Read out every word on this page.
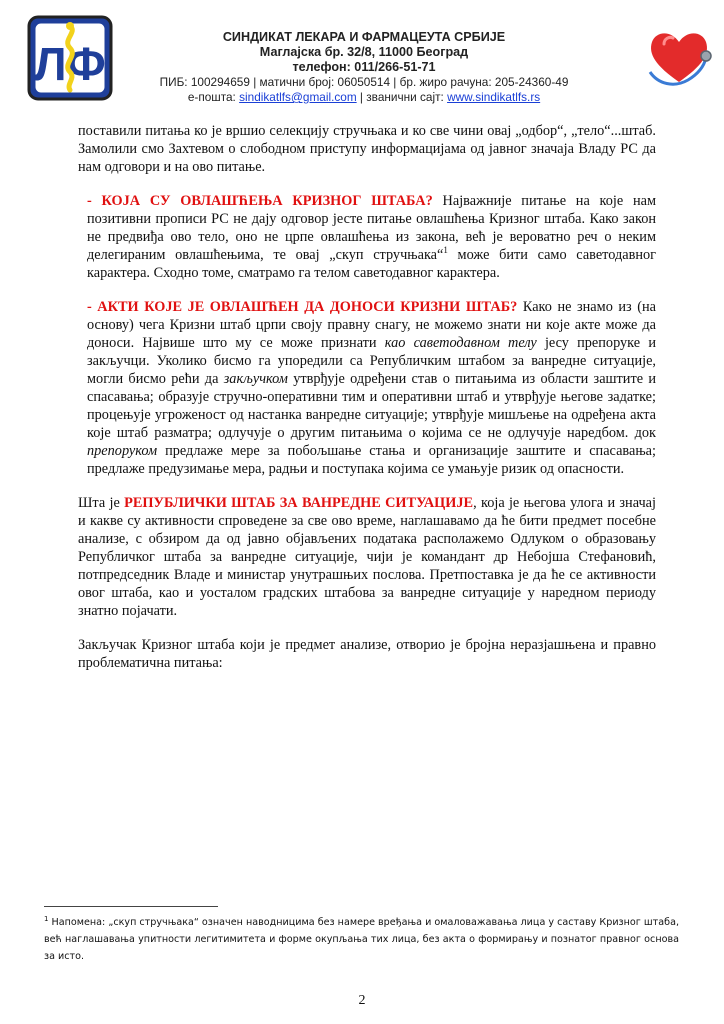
ЛФ
СИНДИКАТ ЛЕКАРА И ФАРМАЦЕУТА СРБИЈЕ
Маглајска бр. 32/8, 11000 Београд
телефон: 011/266-51-71
ПИБ: 100294659 | матични број: 06050514 | бр. жиро рачуна: 205-24360-49
е-пошта: sindikatlfs@gmail.com | званични сајт: www.sindikatlfs.rs

поставили питања ко је вршио селекцију стручњака и ко све чини овај „одбор“, „тело“...штаб. Замолили смо Захтевом о слободном приступу информацијама од јавног значаја Владу РС да нам одговори и на ово питање.

- КОЈА СУ ОВЛАШЋЕЊА КРИЗНОГ ШТАБА? Најважније питање на које нам позитивни прописи РС не дају одговор јесте питање овлашћења Кризног штаба. Како закон не предвиђа ово тело, оно не црпе овлашћења из закона, већ је вероватно реч о неким делегираним овлашћењима, те овај „скуп стручњака“$^1$ може бити само саветодавног карактера. Сходно томе, сматрамо га телом саветодавног карактера.

- АКТИ КОЈЕ ЈЕ ОВЛАШЋЕН ДА ДОНОСИ КРИЗНИ ШТАБ? Како не знамо из (на основу) чега Кризни штаб црпи своју правну снагу, не можемо знати ни које акте може да доноси. Највише што му се може признати као саветодавном телу јесу препоруке и закључци. Уколико бисмо га упоредили са Републичким штабом за ванредне ситуације, могли бисмо рећи да закључком утврђује одређени став о питањима из области заштите и спасавања; образује стручно-оперативни тим и оперативни штаб и утврђује његове задатке; процењује угроженост од настанка ванредне ситуације; утврђује мишљење на одређена акта које штаб разматра; одлучује о другим питањима о којима се не одлучује наредбом. док препоруком предлаже мере за побољшање стања и организације заштите и спасавања; предлаже предузимање мера, радњи и поступака којима се умањује ризик од опасности.

Шта је РЕПУБЛИЧКИ ШТАБ ЗА ВАНРЕДНЕ СИТУАЦИЈЕ, која је његова улога и значај и какве су активности спроведене за све ово време, наглашавамо да ће бити предмет посебне анализе, с обзиром да од јавно објављених података располажемо Одлуком о образовању Републичког штаба за ванредне ситуације, чији је командант др Небојша Стефановић, потпредседник Владе и министар унутрашњих послова. Претпоставка је да ће се активности овог штаба, као и уосталом градских штабова за ванредне ситуације у наредном периоду знатно појачати.

Закључак Кризног штаба који је предмет анализе, отворио је бројна неразјашњена и правно проблематична питања:

$^1$ Напомена: „скуп стручњака“ означен наводницима без намере вређања и омаловажавања лица у саставу Кризног штаба, већ наглашавања упитности легитимитета и форме окупљања тих лица, без акта о формирању и познатог правног основа за исто.
2
